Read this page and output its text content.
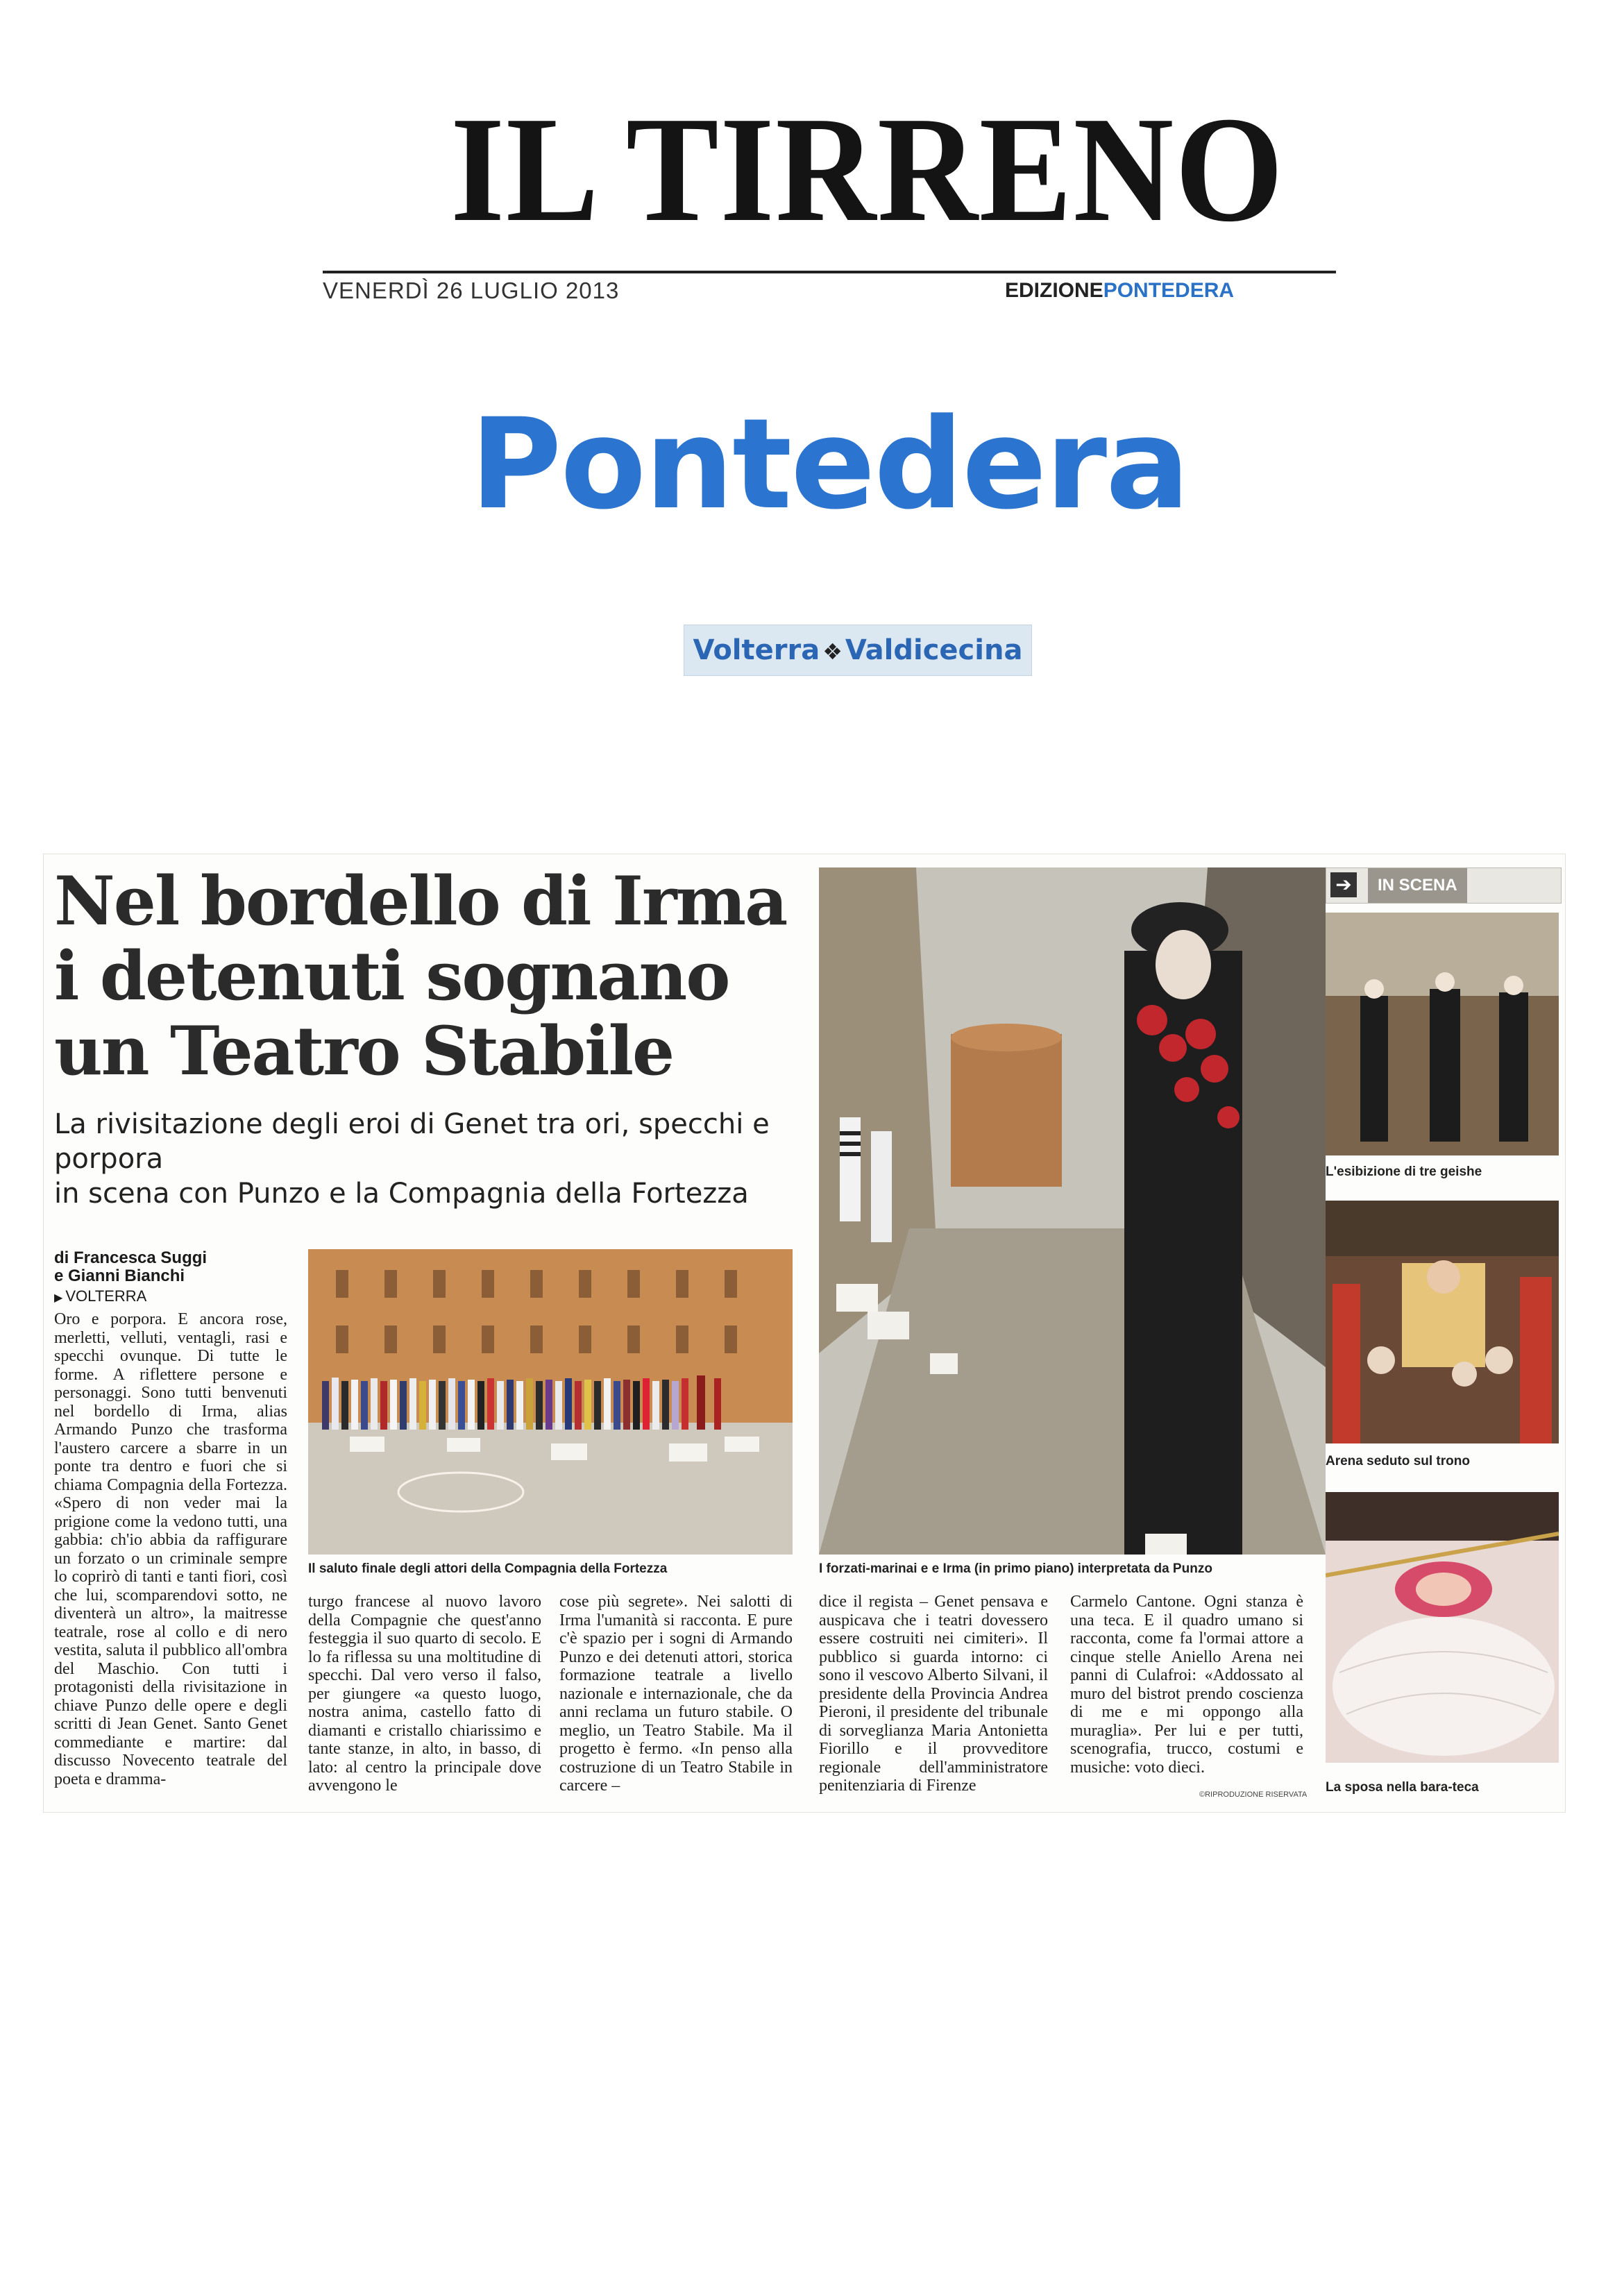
IL TIRRENO
VENERDÌ 26 LUGLIO 2013	EDIZIONEPONTEDERA
Pontedera
Volterra ❖ Valdicecina
Nel bordello di Irma
i detenuti sognano
un Teatro Stabile
La rivisitazione degli eroi di Genet tra ori, specchi e porpora
in scena con Punzo e la Compagnia della Fortezza
di Francesca Suggi
e Gianni Bianchi
▶ VOLTERRA
Oro e porpora. E ancora rose, merletti, velluti, ventagli, rasi e specchi ovunque. Di tutte le forme. A riflettere persone e personaggi. Sono tutti benvenuti nel bordello di Irma, alias Armando Punzo che trasforma l'austero carcere a sbarre in un ponte tra dentro e fuori che si chiama Compagnia della Fortezza. «Spero di non veder mai la prigione come la vedono tutti, una gabbia: ch'io abbia da raffigurare un forzato o un criminale sempre lo coprirò di tanti e tanti fiori, così che lui, scomparendovi sotto, ne diventerà un altro», la maitresse teatrale, rose al collo e di nero vestita, saluta il pubblico all'ombra del Maschio. Con tutti i protagonisti della rivisitazione in chiave Punzo delle opere e degli scritti di Jean Genet. Santo Genet commediante e martire: dal discusso Novecento teatrale del poeta e dramma-
Il saluto finale degli attori della Compagnia della Fortezza	I forzati-marinai e e Irma (in primo piano) interpretata da Punzo
turgo francese al nuovo lavoro della Compagnie che quest'anno festeggia il suo quarto di secolo. E lo fa riflessa su una moltitudine di specchi. Dal vero verso il falso, per giungere «a questo luogo, nostra anima, castello fatto di diamanti e cristallo chiarissimo e tante stanze, in alto, in basso, di lato: al centro la principale dove avvengono le
cose più segrete». Nei salotti di Irma l'umanità si racconta. E pure c'è spazio per i sogni di Armando Punzo e dei detenuti attori, storica formazione teatrale a livello nazionale e internazionale, che da anni reclama un futuro stabile. O meglio, un Teatro Stabile. Ma il progetto è fermo. «In penso alla costruzione di un Teatro Stabile in carcere –
dice il regista – Genet pensava e auspicava che i teatri dovessero essere costruiti nei cimiteri». Il pubblico si guarda intorno: ci sono il vescovo Alberto Silvani, il presidente della Provincia Andrea Pieroni, il presidente del tribunale di sorveglianza Maria Antonietta Fiorillo e il provveditore regionale dell'amministratore penitenziaria di Firenze
Carmelo Cantone. Ogni stanza è una teca. E il quadro umano si racconta, come fa l'ormai attore a cinque stelle Aniello Arena nei panni di Culafroi: «Addossato al muro del bistrot prendo coscienza di me e mi oppongo alla muraglia». Per lui e per tutti, scenografia, trucco, costumi e musiche: voto dieci.
©RIPRODUZIONE RISERVATA
➔	IN SCENA
L'esibizione di tre geishe
Arena seduto sul trono
La sposa nella bara-teca
